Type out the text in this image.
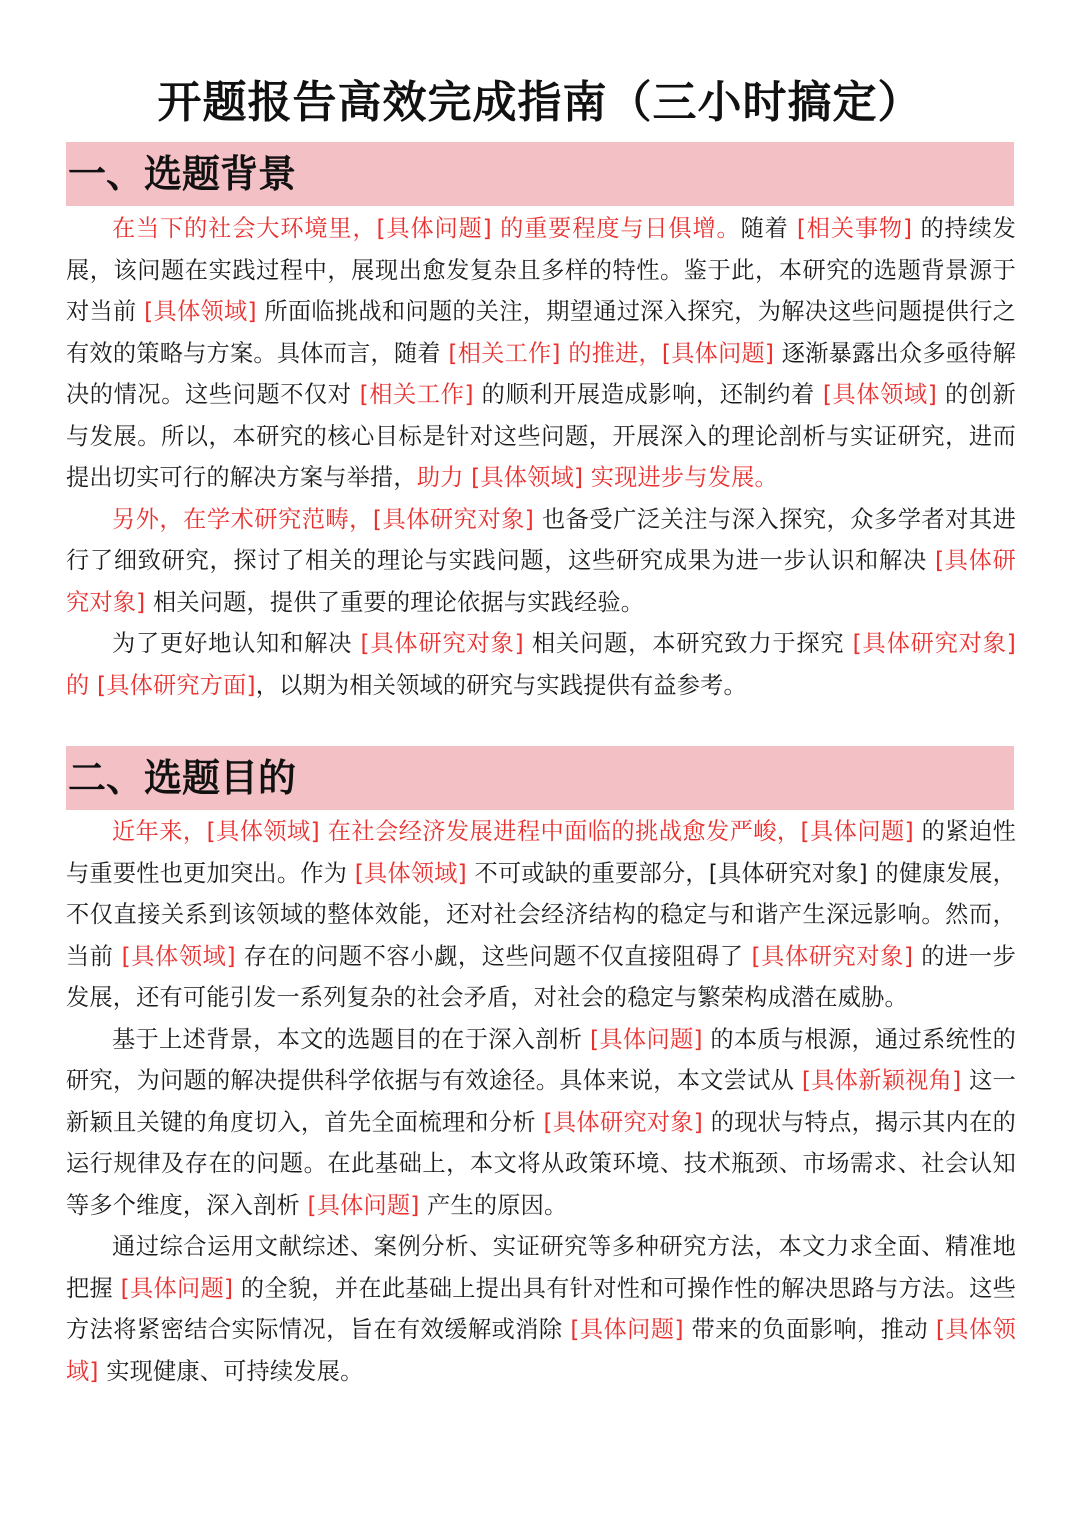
开题报告高效完成指南（三小时搞定）
一、选题背景

在当下的社会大环境里，[具体问题] 的重要程度与日俱增。随着 [相关事物] 的持续发展，该问题在实践过程中，展现出愈发复杂且多样的特性。鉴于此，本研究的选题背景源于对当前 [具体领域] 所面临挑战和问题的关注，期望通过深入探究，为解决这些问题提供行之有效的策略与方案。具体而言，随着 [相关工作] 的推进，[具体问题] 逐渐暴露出众多亟待解决的情况。这些问题不仅对 [相关工作] 的顺利开展造成影响，还制约着 [具体领域] 的创新与发展。所以，本研究的核心目标是针对这些问题，开展深入的理论剖析与实证研究，进而提出切实可行的解决方案与举措，助力 [具体领域] 实现进步与发展。

另外，在学术研究范畴，[具体研究对象] 也备受广泛关注与深入探究，众多学者对其进行了细致研究，探讨了相关的理论与实践问题，这些研究成果为进一步认识和解决 [具体研究对象] 相关问题，提供了重要的理论依据与实践经验。

为了更好地认知和解决 [具体研究对象] 相关问题，本研究致力于探究 [具体研究对象] 的 [具体研究方面]，以期为相关领域的研究与实践提供有益参考。

二、选题目的

近年来，[具体领域] 在社会经济发展进程中面临的挑战愈发严峻，[具体问题] 的紧迫性与重要性也更加突出。作为 [具体领域] 不可或缺的重要部分，[具体研究对象] 的健康发展，不仅直接关系到该领域的整体效能，还对社会经济结构的稳定与和谐产生深远影响。然而，当前 [具体领域] 存在的问题不容小觑，这些问题不仅直接阻碍了 [具体研究对象] 的进一步发展，还有可能引发一系列复杂的社会矛盾，对社会的稳定与繁荣构成潜在威胁。

基于上述背景，本文的选题目的在于深入剖析 [具体问题] 的本质与根源，通过系统性的研究，为问题的解决提供科学依据与有效途径。具体来说，本文尝试从 [具体新颖视角] 这一新颖且关键的角度切入，首先全面梳理和分析 [具体研究对象] 的现状与特点，揭示其内在的运行规律及存在的问题。在此基础上，本文将从政策环境、技术瓶颈、市场需求、社会认知等多个维度，深入剖析 [具体问题] 产生的原因。

通过综合运用文献综述、案例分析、实证研究等多种研究方法，本文力求全面、精准地把握 [具体问题] 的全貌，并在此基础上提出具有针对性和可操作性的解决思路与方法。这些方法将紧密结合实际情况，旨在有效缓解或消除 [具体问题] 带来的负面影响，推动 [具体领域] 实现健康、可持续发展。
